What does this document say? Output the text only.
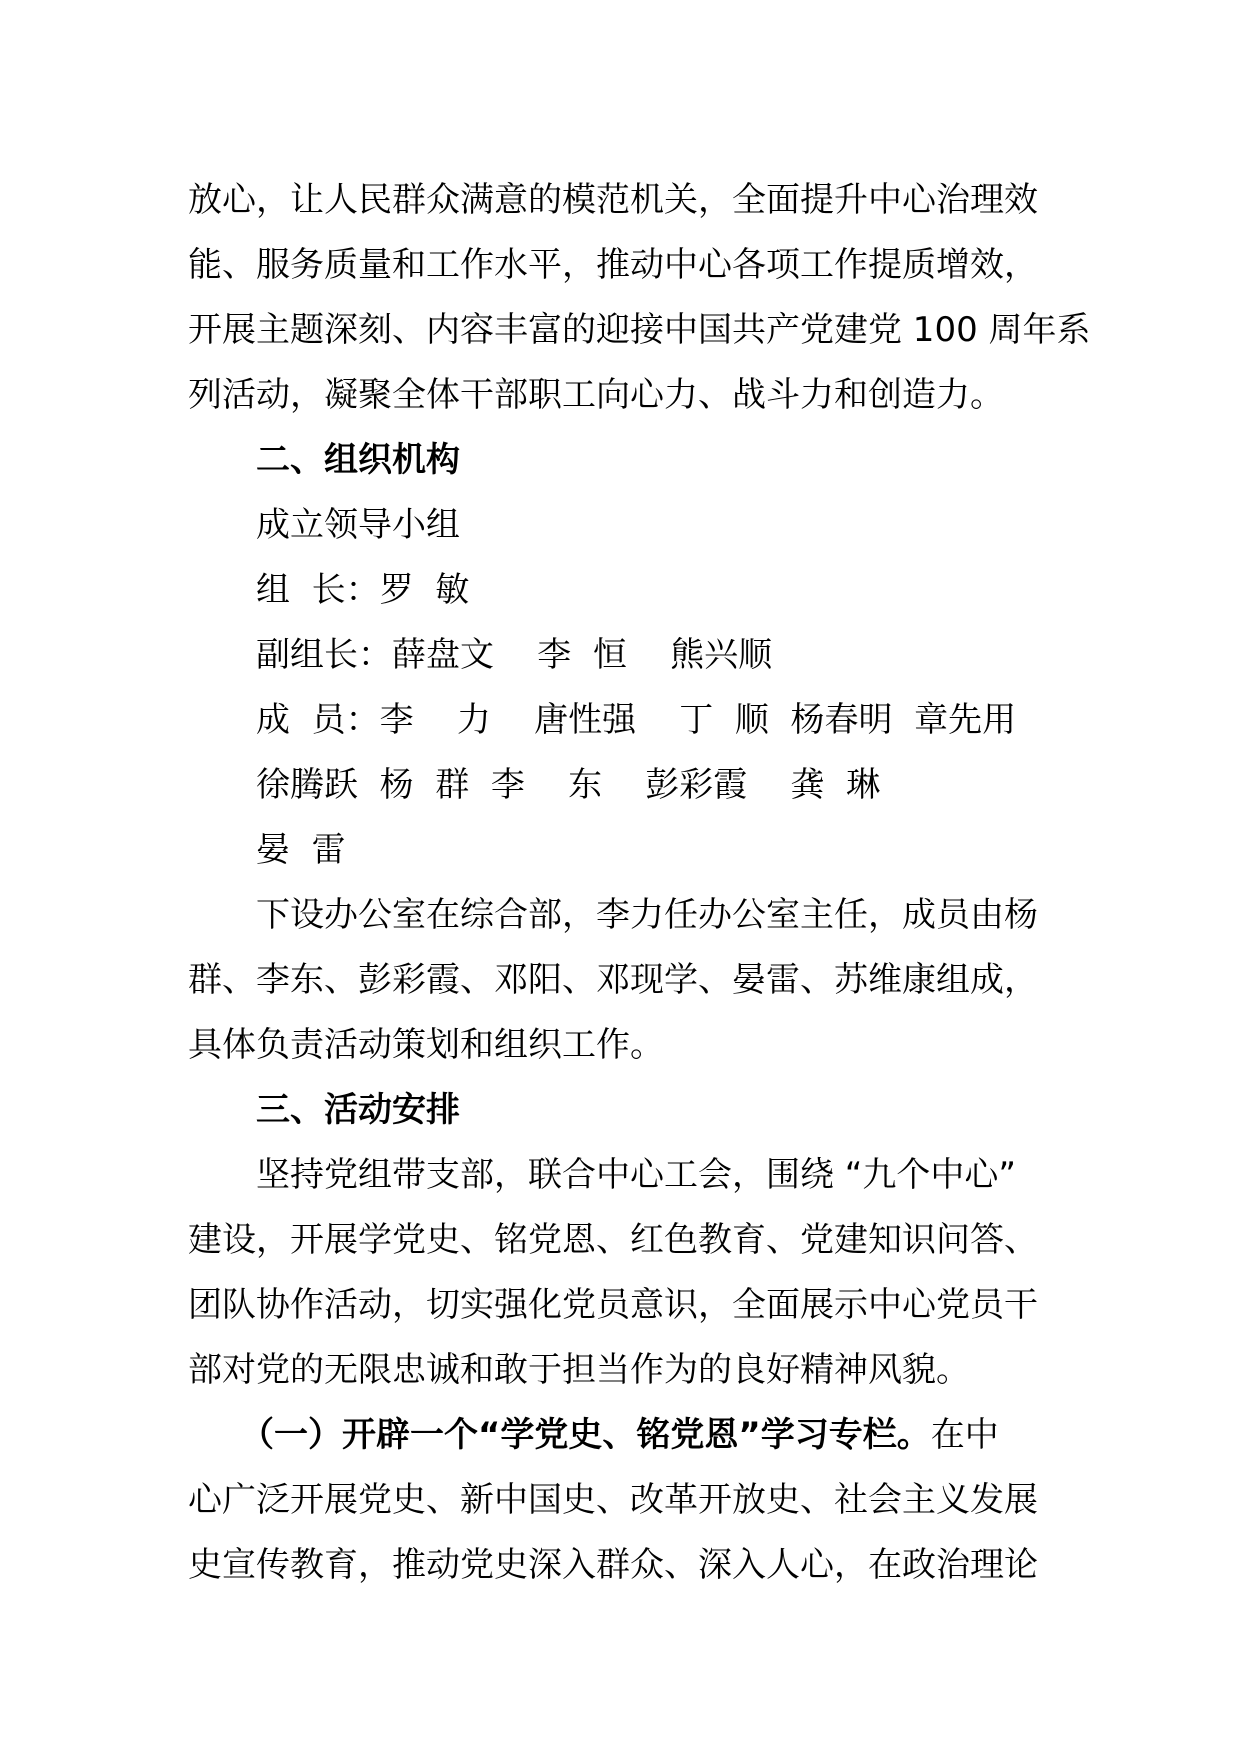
放心，让人民群众满意的模范机关，全面提升中心治理效
能、服务质量和工作水平，推动中心各项工作提质增效，
开展主题深刻、内容丰富的迎接中国共产党建党 100 周年系
列活动，凝聚全体干部职工向心力、战斗力和创造力。
二、组织机构
成立领导小组
组  长：罗  敏
副组长：薛盘文    李  恒    熊兴顺
成  员：李    力    唐性强    丁  顺  杨春明  章先用
徐腾跃  杨  群  李    东    彭彩霞    龚  琳
晏  雷
下设办公室在综合部，李力任办公室主任，成员由杨
群、李东、彭彩霞、邓阳、邓现学、晏雷、苏维康组成，
具体负责活动策划和组织工作。
三、活动安排
坚持党组带支部，联合中心工会，围绕 “九个中心”
建设，开展学党史、铭党恩、红色教育、党建知识问答、
团队协作活动，切实强化党员意识，全面展示中心党员干
部对党的无限忠诚和敢于担当作为的良好精神风貌。
（一）开辟一个“学党史、铭党恩”学习专栏。在中
心广泛开展党史、新中国史、改革开放史、社会主义发展
史宣传教育，推动党史深入群众、深入人心，在政治理论
